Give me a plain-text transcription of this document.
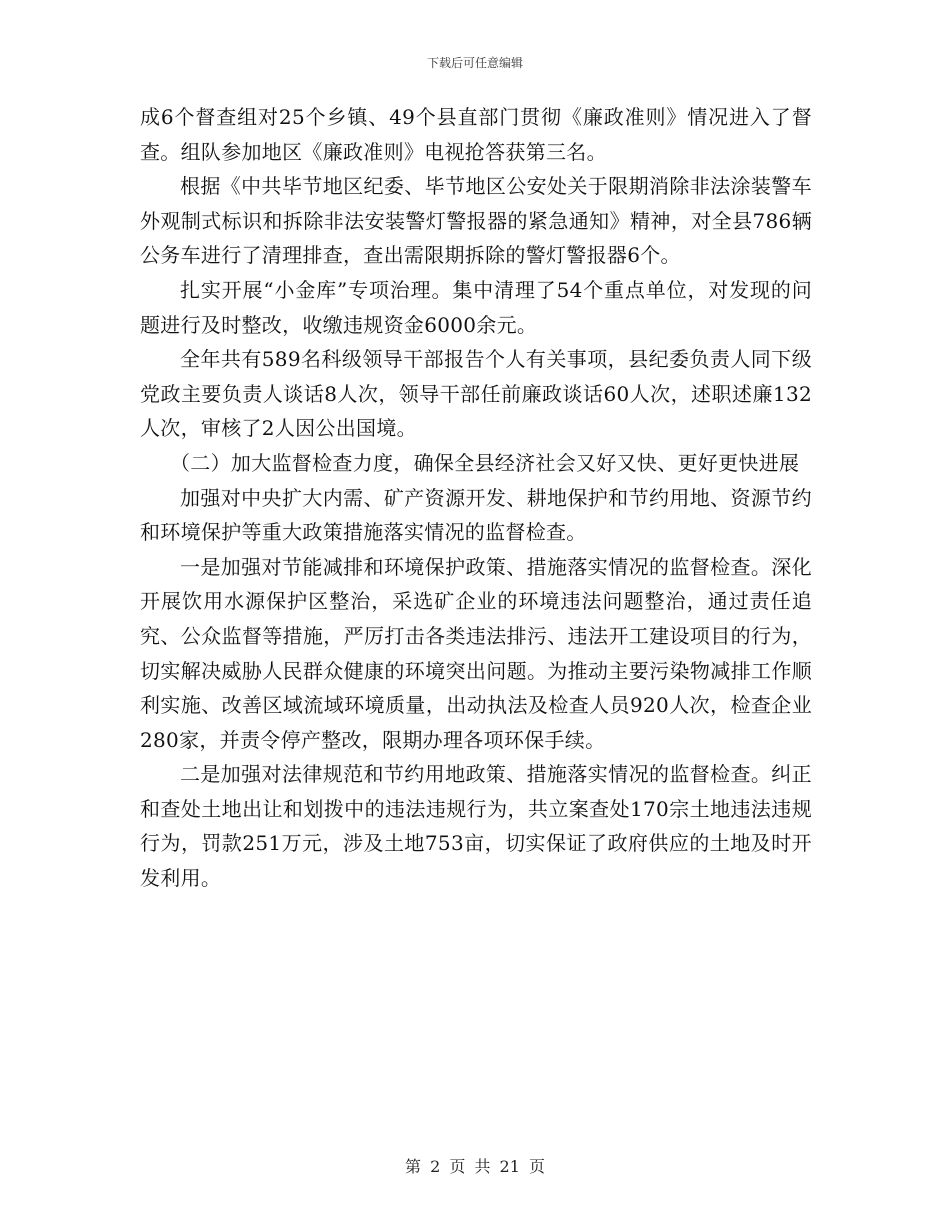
下载后可任意编辑

成6个督查组对25个乡镇、49个县直部门贯彻《廉政准则》情况进入了督查。组队参加地区《廉政准则》电视抢答获第三名。

根据《中共毕节地区纪委、毕节地区公安处关于限期消除非法涂装警车外观制式标识和拆除非法安装警灯警报器的紧急通知》精神，对全县786辆公务车进行了清理排查，查出需限期拆除的警灯警报器6个。

扎实开展“小金库”专项治理。集中清理了54个重点单位，对发现的问题进行及时整改，收缴违规资金6000余元。

全年共有589名科级领导干部报告个人有关事项，县纪委负责人同下级党政主要负责人谈话8人次，领导干部任前廉政谈话60人次，述职述廉132人次，审核了2人因公出国境。

（二）加大监督检查力度，确保全县经济社会又好又快、更好更快进展

加强对中央扩大内需、矿产资源开发、耕地保护和节约用地、资源节约和环境保护等重大政策措施落实情况的监督检查。

一是加强对节能减排和环境保护政策、措施落实情况的监督检查。深化开展饮用水源保护区整治，采选矿企业的环境违法问题整治，通过责任追究、公众监督等措施，严厉打击各类违法排污、违法开工建设项目的行为，切实解决威胁人民群众健康的环境突出问题。为推动主要污染物减排工作顺利实施、改善区域流域环境质量，出动执法及检查人员920人次，检查企业280家，并责令停产整改，限期办理各项环保手续。

二是加强对法律规范和节约用地政策、措施落实情况的监督检查。纠正和查处土地出让和划拨中的违法违规行为，共立案查处170宗土地违法违规行为，罚款251万元，涉及土地753亩，切实保证了政府供应的土地及时开发利用。

第 2 页 共 21 页
